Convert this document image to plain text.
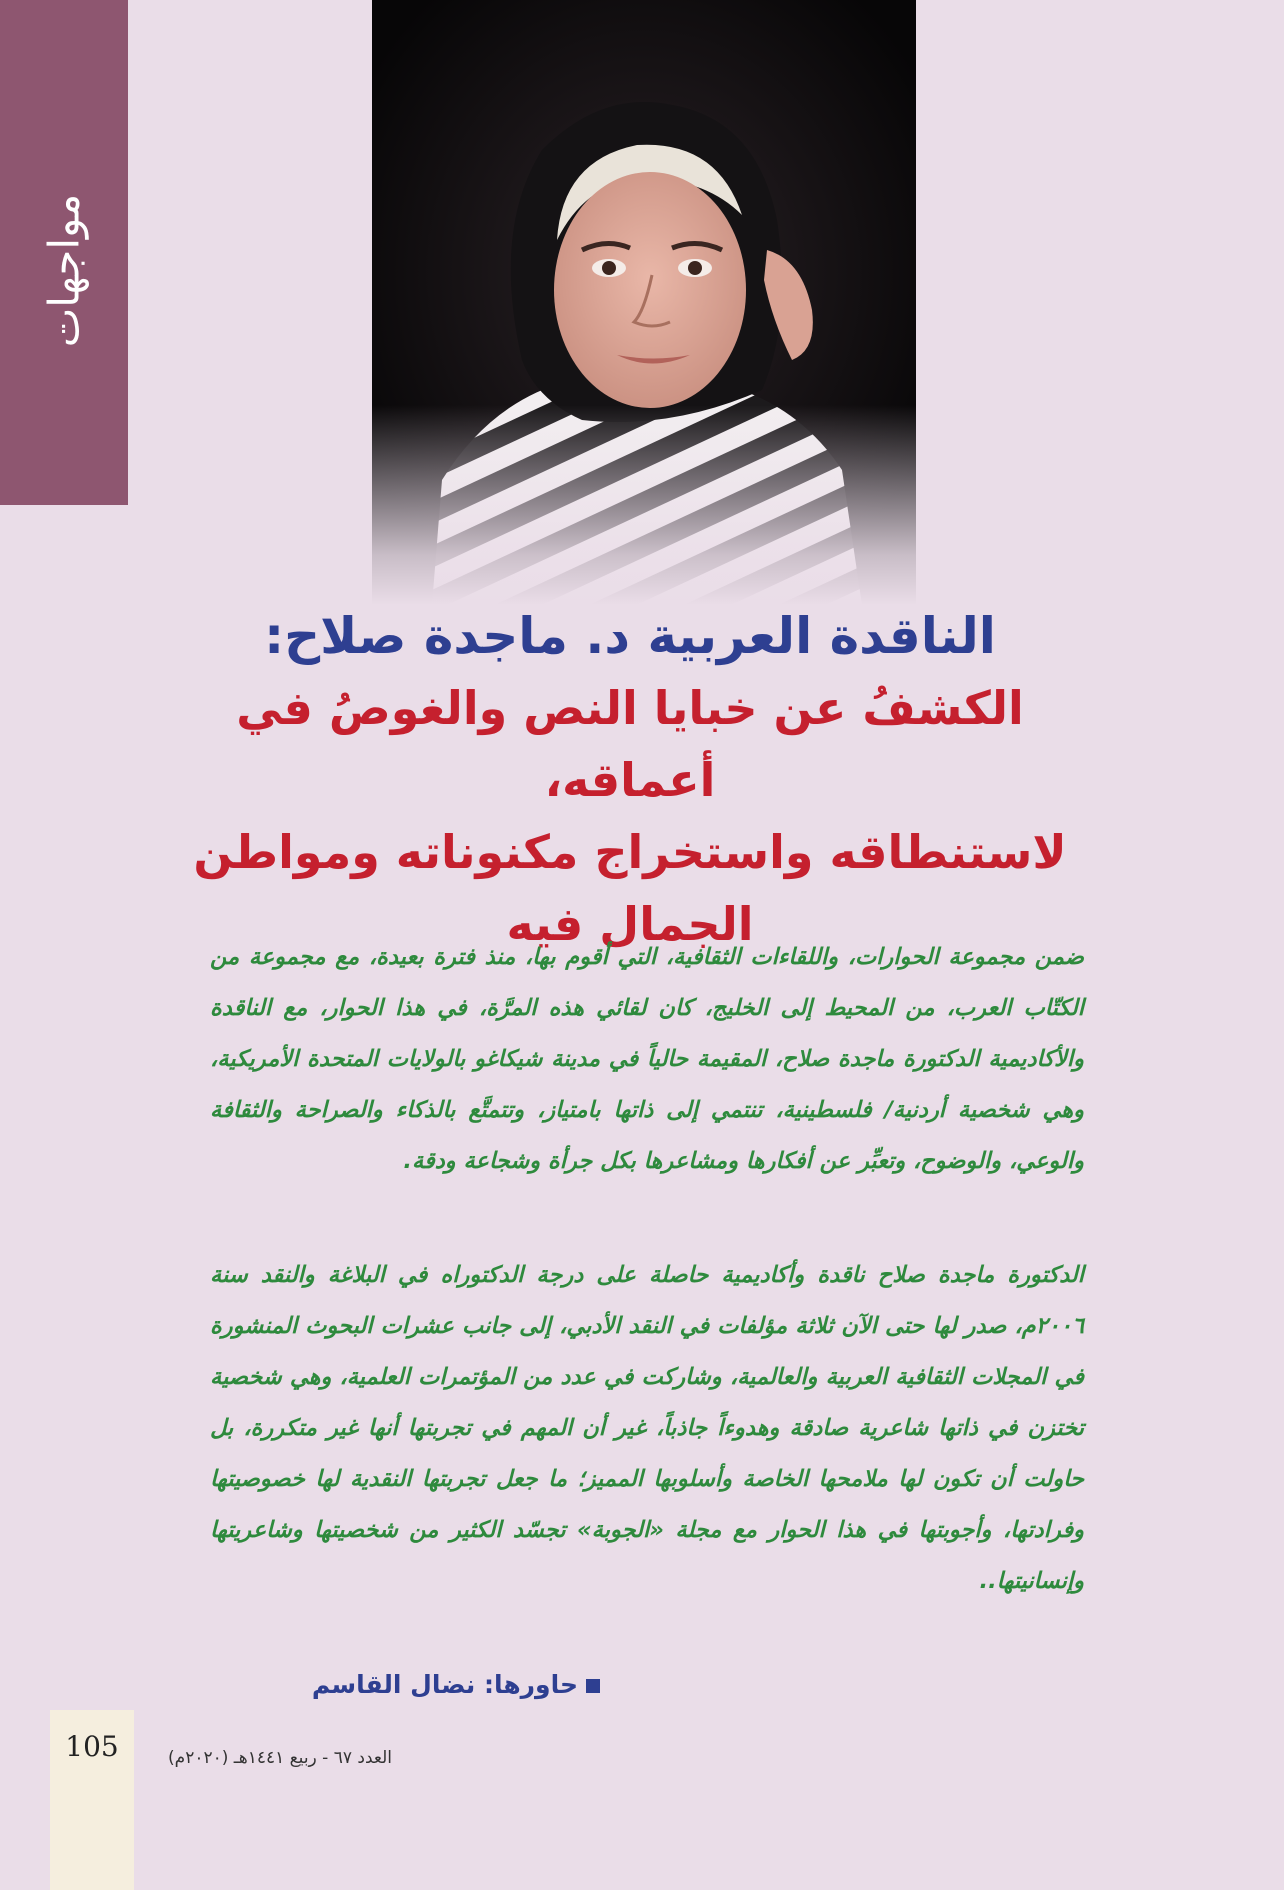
مواجهات
الناقدة العربية د. ماجدة صلاح:
الكشفُ عن خبايا النص والغوصُ في أعماقه،
لاستنطاقه واستخراج مكنوناته ومواطن
الجمال فيه

ضمن مجموعة الحوارات، واللقاءات الثقافية، التي أقوم بها، منذ فترة بعيدة، مع مجموعة من الكتّاب العرب، من المحيط إلى الخليج، كان لقائي هذه المرَّة، في هذا الحوار، مع الناقدة والأكاديمية الدكتورة ماجدة صلاح، المقيمة حالياً في مدينة شيكاغو بالولايات المتحدة الأمريكية، وهي شخصية أردنية/ فلسطينية، تنتمي إلى ذاتها بامتياز، وتتمتَّع بالذكاء والصراحة والثقافة والوعي، والوضوح، وتعبِّر عن أفكارها ومشاعرها بكل جرأة وشجاعة ودقة.

الدكتورة ماجدة صلاح ناقدة وأكاديمية حاصلة على درجة الدكتوراه في البلاغة والنقد سنة ٢٠٠٦م، صدر لها حتى الآن ثلاثة مؤلفات في النقد الأدبي، إلى جانب عشرات البحوث المنشورة في المجلات الثقافية العربية والعالمية، وشاركت في عدد من المؤتمرات العلمية، وهي شخصية تختزن في ذاتها شاعرية صادقة وهدوءاً جاذباً، غير أن المهم في تجربتها أنها غير متكررة، بل حاولت أن تكون لها ملامحها الخاصة وأسلوبها المميز؛ ما جعل تجربتها النقدية لها خصوصيتها وفرادتها، وأجوبتها في هذا الحوار مع مجلة «الجوبة» تجسّد الكثير من شخصيتها وشاعريتها وإنسانيتها..

حاورها: نضال القاسم
105	العدد ٦٧ - ربيع ١٤٤١هـ (٢٠٢٠م)
